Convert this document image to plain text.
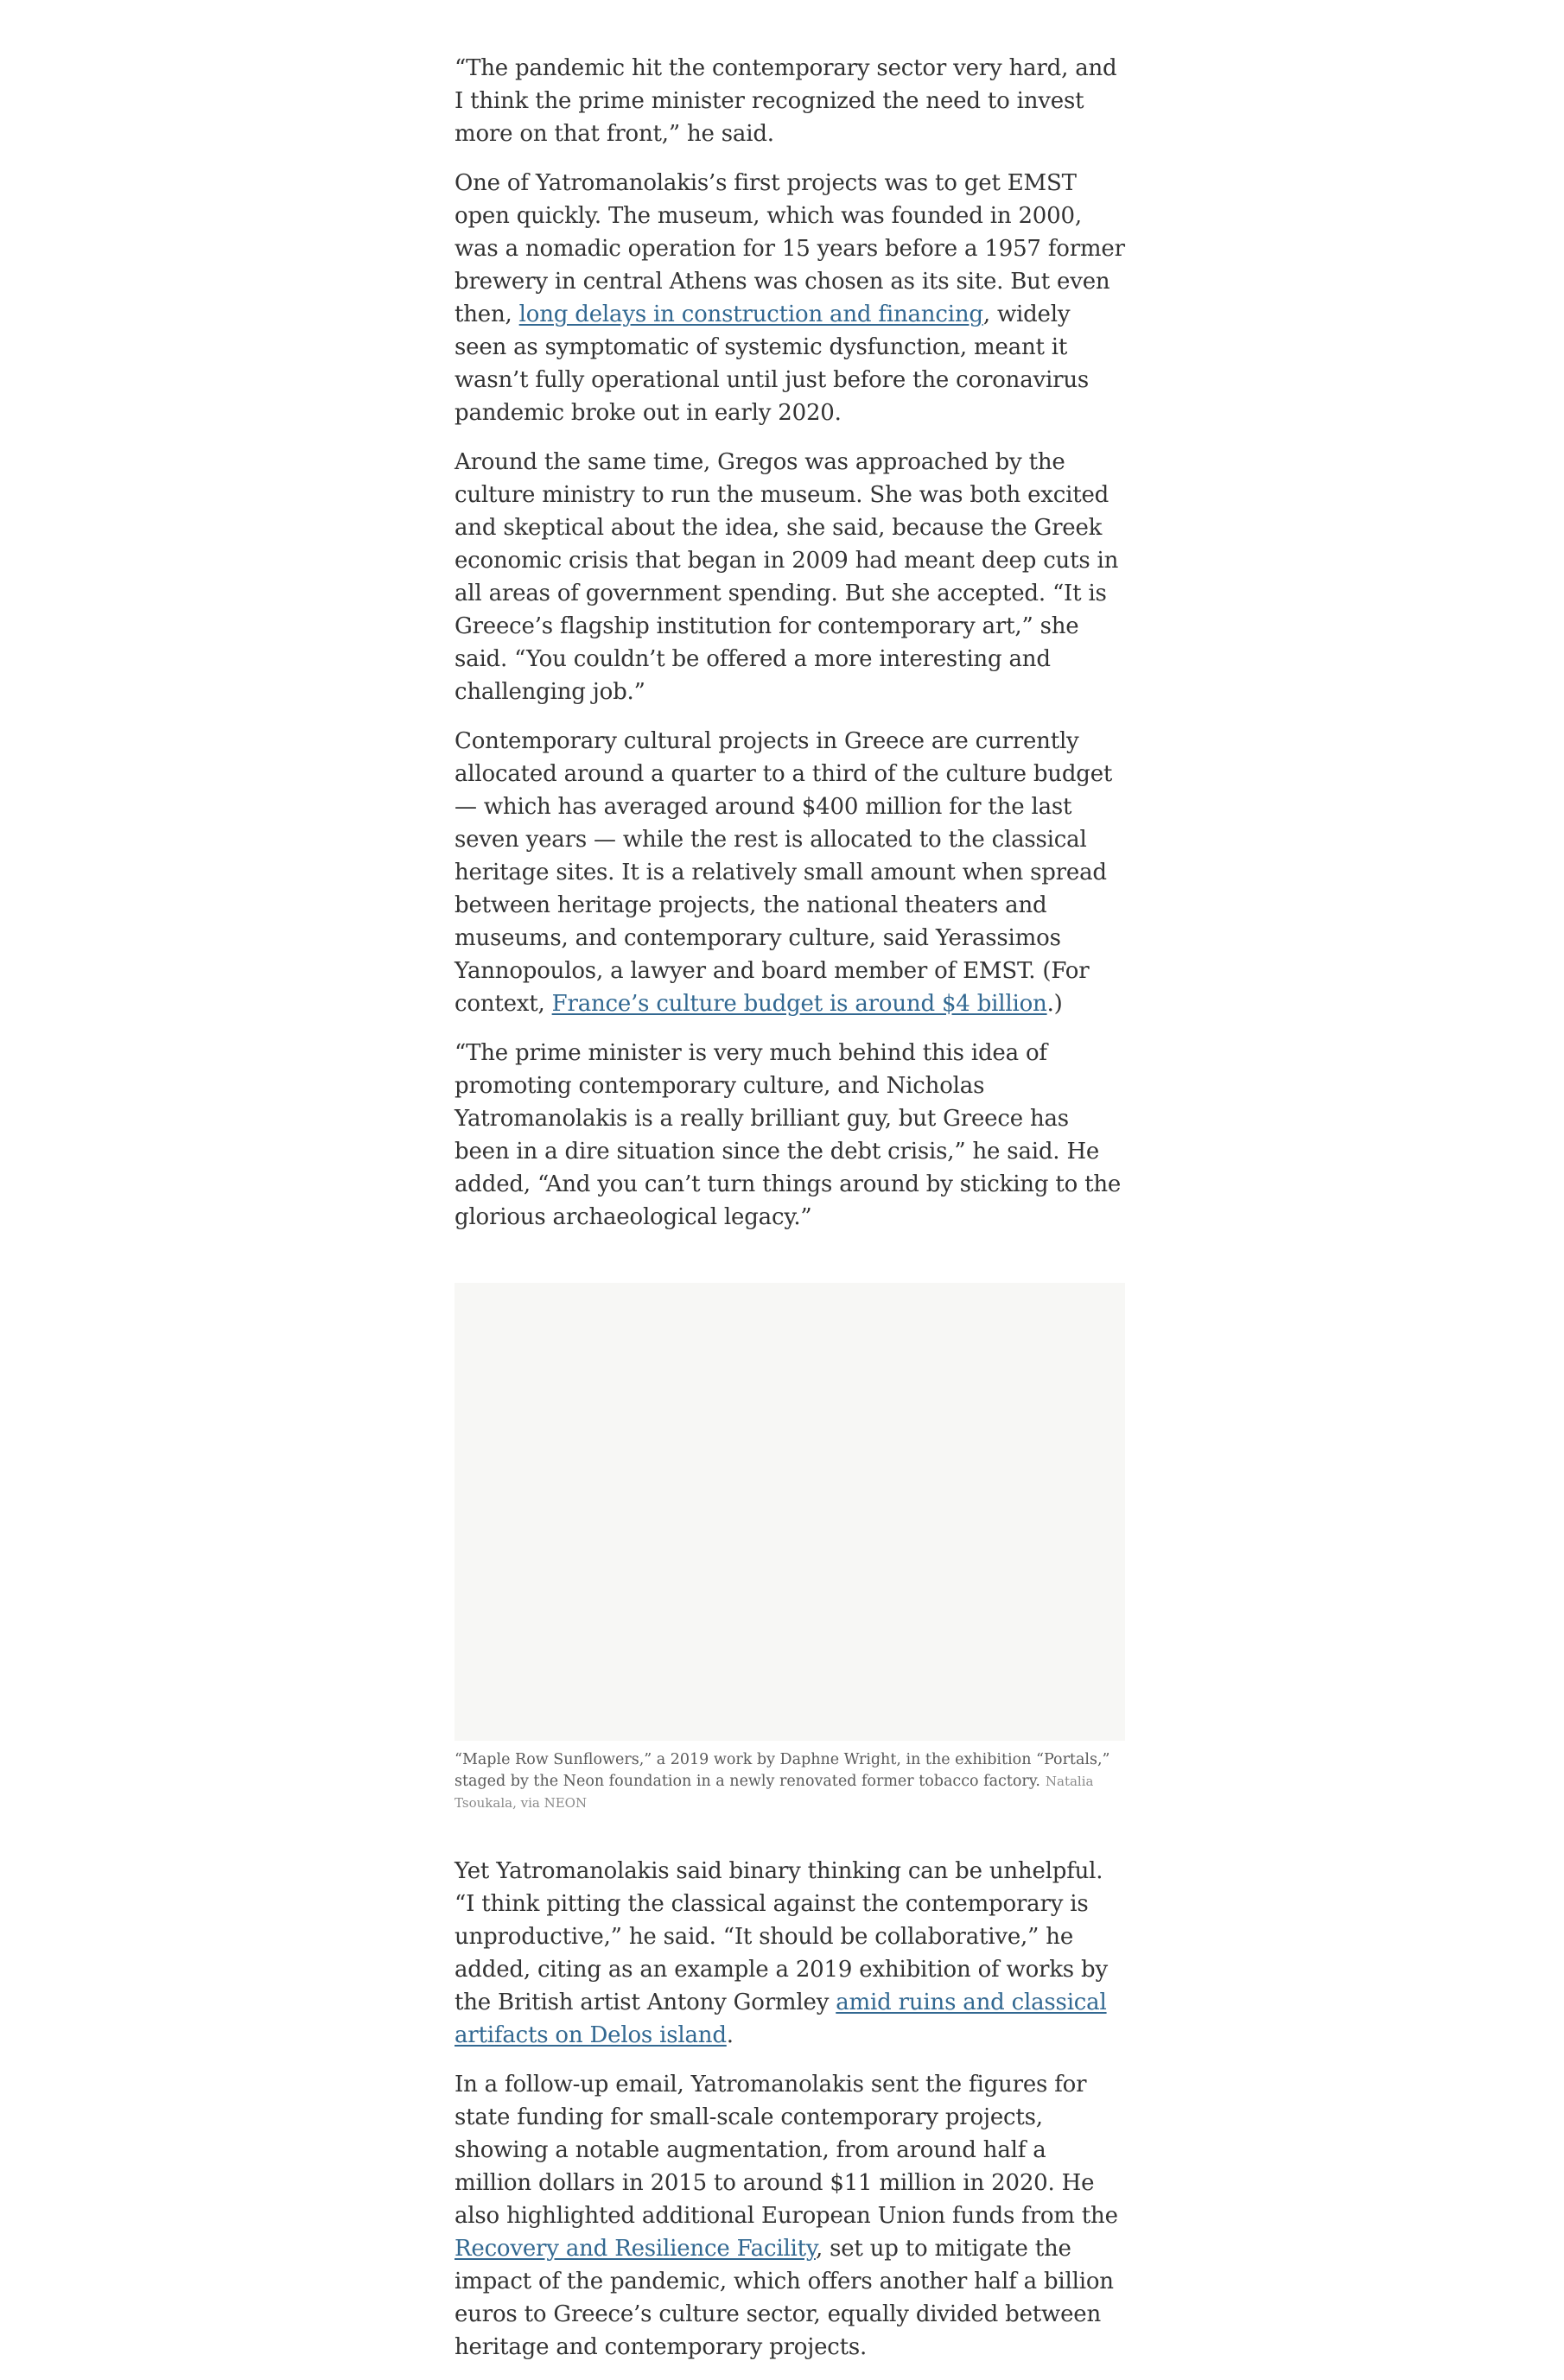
“The pandemic hit the contemporary sector very hard, and I think the prime minister recognized the need to invest more on that front,” he said.

One of Yatromanolakis’s first projects was to get EMST open quickly. The museum, which was founded in 2000, was a nomadic operation for 15 years before a 1957 former brewery in central Athens was chosen as its site. But even then, long delays in construction and financing, widely seen as symptomatic of systemic dysfunction, meant it wasn’t fully operational until just before the coronavirus pandemic broke out in early 2020.

Around the same time, Gregos was approached by the culture ministry to run the museum. She was both excited and skeptical about the idea, she said, because the Greek economic crisis that began in 2009 had meant deep cuts in all areas of government spending. But she accepted. “It is Greece’s flagship institution for contemporary art,” she said. “You couldn’t be offered a more interesting and challenging job.”

Contemporary cultural projects in Greece are currently allocated around a quarter to a third of the culture budget — which has averaged around $400 million for the last seven years — while the rest is allocated to the classical heritage sites. It is a relatively small amount when spread between heritage projects, the national theaters and museums, and contemporary culture, said Yerassimos Yannopoulos, a lawyer and board member of EMST. (For context, France’s culture budget is around $4 billion.)

“The prime minister is very much behind this idea of promoting contemporary culture, and Nicholas Yatromanolakis is a really brilliant guy, but Greece has been in a dire situation since the debt crisis,” he said. He added, “And you can’t turn things around by sticking to the glorious archaeological legacy.”

“Maple Row Sunflowers,” a 2019 work by Daphne Wright, in the exhibition “Portals,” staged by the Neon foundation in a newly renovated former tobacco factory. Natalia Tsoukala, via NEON

Yet Yatromanolakis said binary thinking can be unhelpful. “I think pitting the classical against the contemporary is unproductive,” he said. “It should be collaborative,” he added, citing as an example a 2019 exhibition of works by the British artist Antony Gormley amid ruins and classical artifacts on Delos island.

In a follow-up email, Yatromanolakis sent the figures for state funding for small-scale contemporary projects, showing a notable augmentation, from around half a million dollars in 2015 to around $11 million in 2020. He also highlighted additional European Union funds from the Recovery and Resilience Facility, set up to mitigate the impact of the pandemic, which offers another half a billion euros to Greece’s culture sector, equally divided between heritage and contemporary projects.
